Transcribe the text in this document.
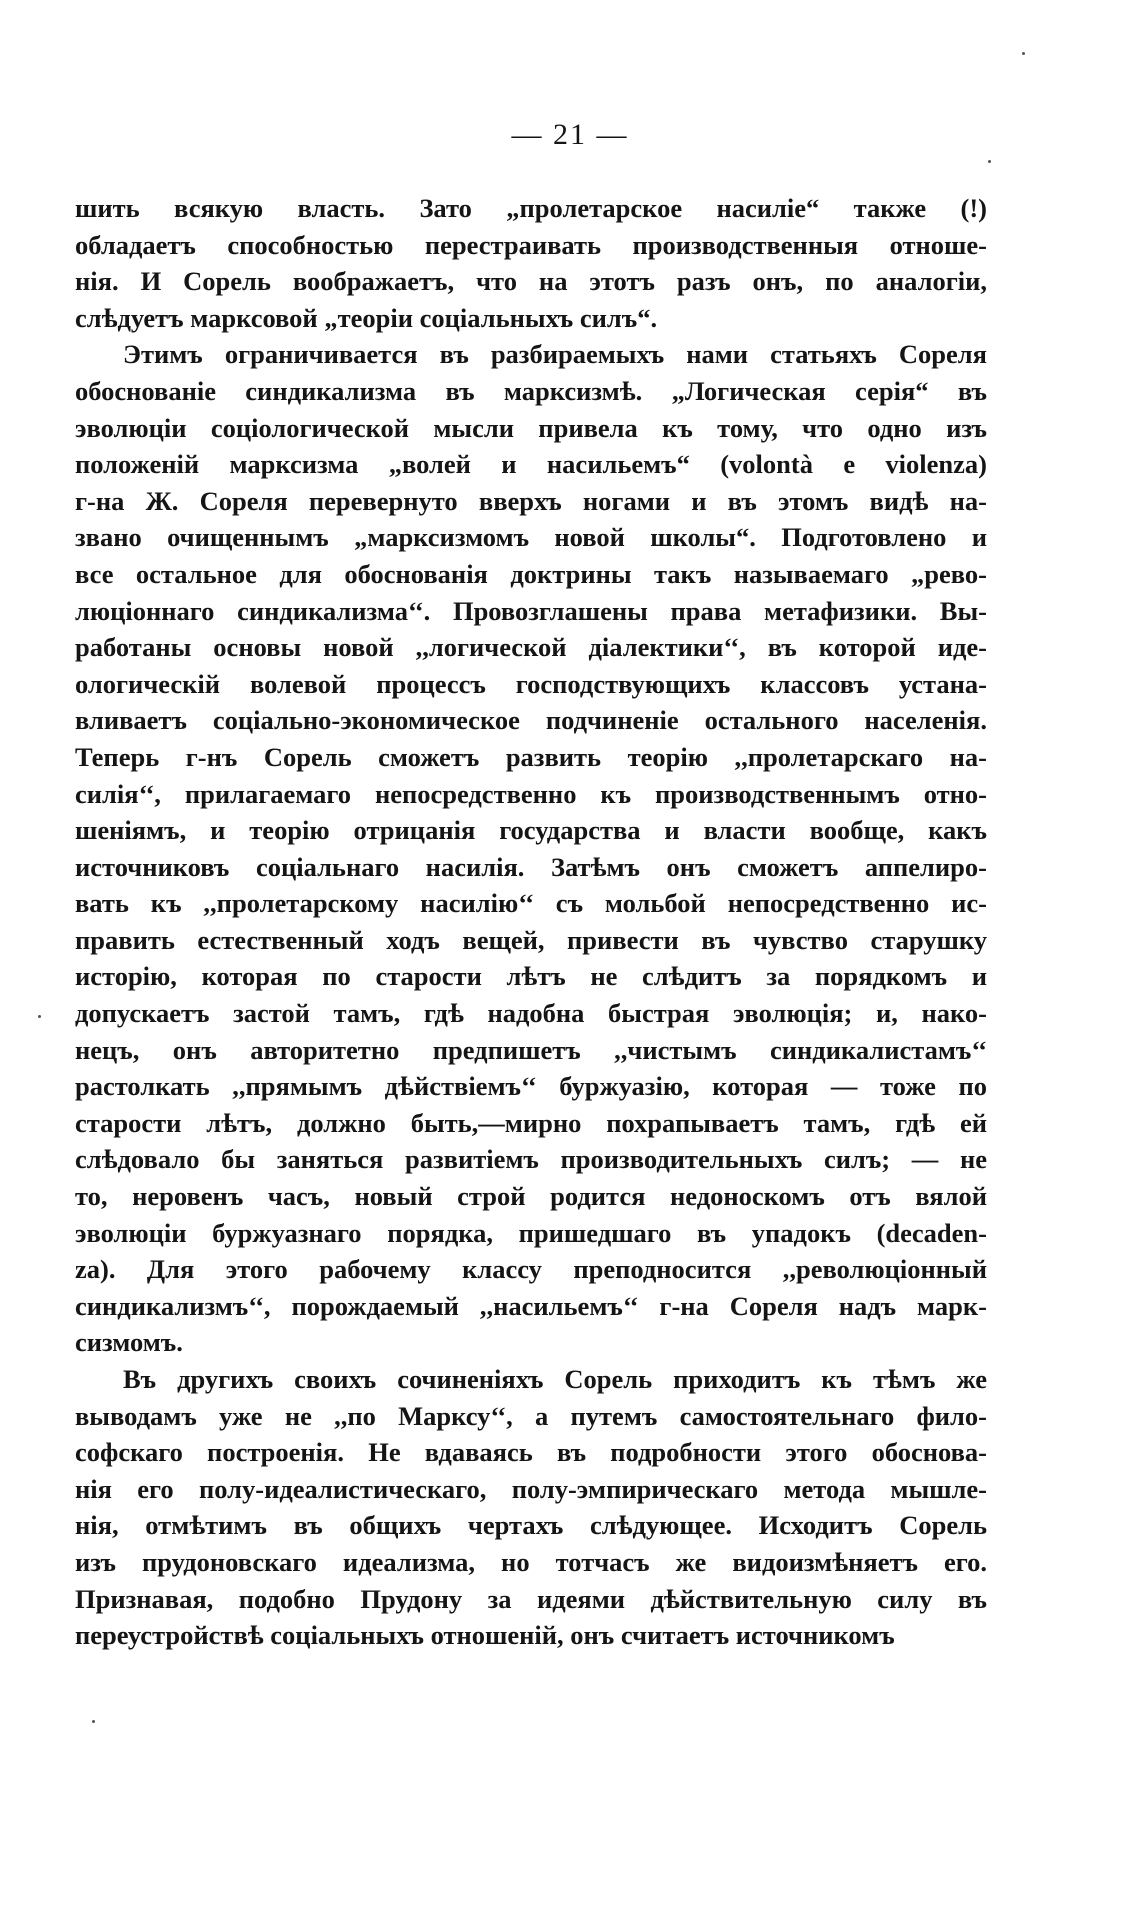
— 21 —
шить всякую власть. Зато „пролетарское насиліе“ также (!)
обладаетъ способностью перестраивать производственныя отноше-
нія. И Сорель воображаетъ, что на этотъ разъ онъ, по аналогіи,
слѣдуетъ марксовой „теоріи соціальныхъ силъ“.
Этимъ ограничивается въ разбираемыхъ нами статьяхъ Сореля
обоснованіе синдикализма въ марксизмѣ. „Логическая серія“ въ
эволюціи соціологической мысли привела къ тому, что одно изъ
положеній марксизма „волей и насильемъ“ (volontà e violenza)
г-на Ж. Сореля перевернуто вверхъ ногами и въ этомъ видѣ на-
звано очищеннымъ „марксизмомъ новой школы“. Подготовлено и
все остальное для обоснованія доктрины такъ называемаго „рево-
люціоннаго синдикализма‘‘. Провозглашены права метафизики. Вы-
работаны основы новой ,,логической діалектики‘‘, въ которой иде-
ологическій волевой процессъ господствующихъ классовъ устана-
вливаетъ соціально-экономическое подчиненіе остального населенія.
Теперь г-нъ Сорель сможетъ развить теорію ,,пролетарскаго на-
силія‘‘, прилагаемаго непосредственно къ производственнымъ отно-
шеніямъ, и теорію отрицанія государства и власти вообще, какъ
источниковъ соціальнаго насилія. Затѣмъ онъ сможетъ аппелиро-
вать къ ,,пролетарскому насилію‘‘ съ мольбой непосредственно ис-
править естественный ходъ вещей, привести въ чувство старушку
исторію, которая по старости лѣтъ не слѣдитъ за порядкомъ и
допускаетъ застой тамъ, гдѣ надобна быстрая эволюція; и, нако-
нецъ, онъ авторитетно предпишетъ ,,чистымъ синдикалистамъ‘‘
растолкать ,,прямымъ дѣйствіемъ‘‘ буржуазію, которая — тоже по
старости лѣтъ, должно быть,—мирно похрапываетъ тамъ, гдѣ ей
слѣдовало бы заняться развитіемъ производительныхъ силъ; — не
то, неровенъ часъ, новый строй родится недоноскомъ отъ вялой
эволюціи буржуазнаго порядка, пришедшаго въ упадокъ (decaden-
za). Для этого рабочему классу преподносится ,,революціонный
синдикализмъ‘‘, порождаемый ,,насильемъ‘‘ г-на Сореля надъ марк-
сизмомъ.
Въ другихъ своихъ сочиненіяхъ Сорель приходитъ къ тѣмъ же
выводамъ уже не ,,по Марксу‘‘, а путемъ самостоятельнаго фило-
софскаго построенія. Не вдаваясь въ подробности этого обоснова-
нія его полу-идеалистическаго, полу-эмпирическаго метода мышле-
нія, отмѣтимъ въ общихъ чертахъ слѣдующее. Исходитъ Сорель
изъ прудоновскаго идеализма, но тотчасъ же видоизмѣняетъ его.
Признавая, подобно Прудону за идеями дѣйствительную силу въ
переустройствѣ соціальныхъ отношеній, онъ считаетъ источникомъ
